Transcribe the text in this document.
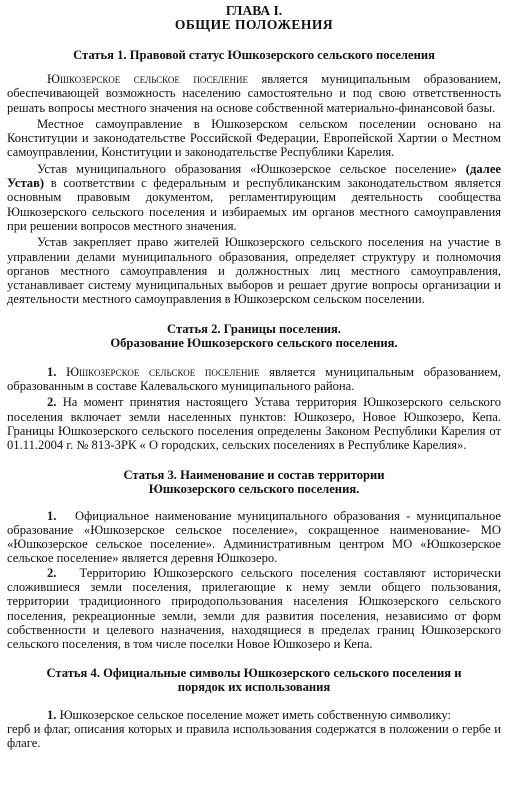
ГЛАВА I.
ОБЩИЕ ПОЛОЖЕНИЯ
Статья 1. Правовой статус Юшкозерского сельского поселения

Юшкозерское сельское поселение является муниципальным образованием, обеспечивающей возможность населению самостоятельно и под свою ответственность решать вопросы местного значения на основе собственной материально-финансовой базы.

Местное самоуправление в Юшкозерском сельском поселении основано на Конституции и законодательстве Российской Федерации, Европейской Хартии о Местном самоуправлении, Конституции и законодательстве Республики Карелия.

Устав муниципального образования «Юшкозерское сельское поселение» (далее Устав) в соответствии с федеральным и республиканским законодательством является основным правовым документом, регламентирующим деятельность сообщества Юшкозерского сельского поселения и избираемых им органов местного самоуправления при решении вопросов местного значения.

Устав закрепляет право жителей Юшкозерского сельского поселения на участие в управлении делами муниципального образования, определяет структуру и полномочия органов местного самоуправления и должностных лиц местного самоуправления, устанавливает систему муниципальных выборов и решает другие вопросы организации и деятельности местного самоуправления в Юшкозерском сельском поселении.

Статья 2. Границы поселения.
Образование Юшкозерского сельского поселения.

1. Юшкозерское сельское поселение является муниципальным образованием, образованным в составе Калевальского муниципального района.

2. На момент принятия настоящего Устава территория Юшкозерского сельского поселения включает земли населенных пунктов: Юшкозеро, Новое Юшкозеро, Кепа. Границы Юшкозерского сельского поселения определены Законом Республики Карелия от 01.11.2004 г. № 813-ЗРК « О городских, сельских поселениях в Республике Карелия».

Статья 3. Наименование и состав территории
Юшкозерского сельского поселения.

1. Официальное наименование муниципального образования - муниципальное образование «Юшкозерское сельское поселение», сокращенное наименование- МО «Юшкозерское сельское поселение». Административным центром МО «Юшкозерское сельское поселение» является деревня Юшкозеро.

2. Территорию Юшкозерского сельского поселения составляют исторически сложившиеся земли поселения, прилегающие к нему земли общего пользования, территории традиционного природопользования населения Юшкозерского сельского поселения, рекреационные земли, земли для развития поселения, независимо от форм собственности и целевого назначения, находящиеся в пределах границ Юшкозерского сельского поселения, в том числе поселки Новое Юшкозеро и Кепа.

Статья 4. Официальные символы Юшкозерского сельского поселения и
порядок их использования

1. Юшкозерское сельское поселение может иметь собственную символику:

герб и флаг, описания которых и правила использования содержатся в положении о гербе и флаге.
